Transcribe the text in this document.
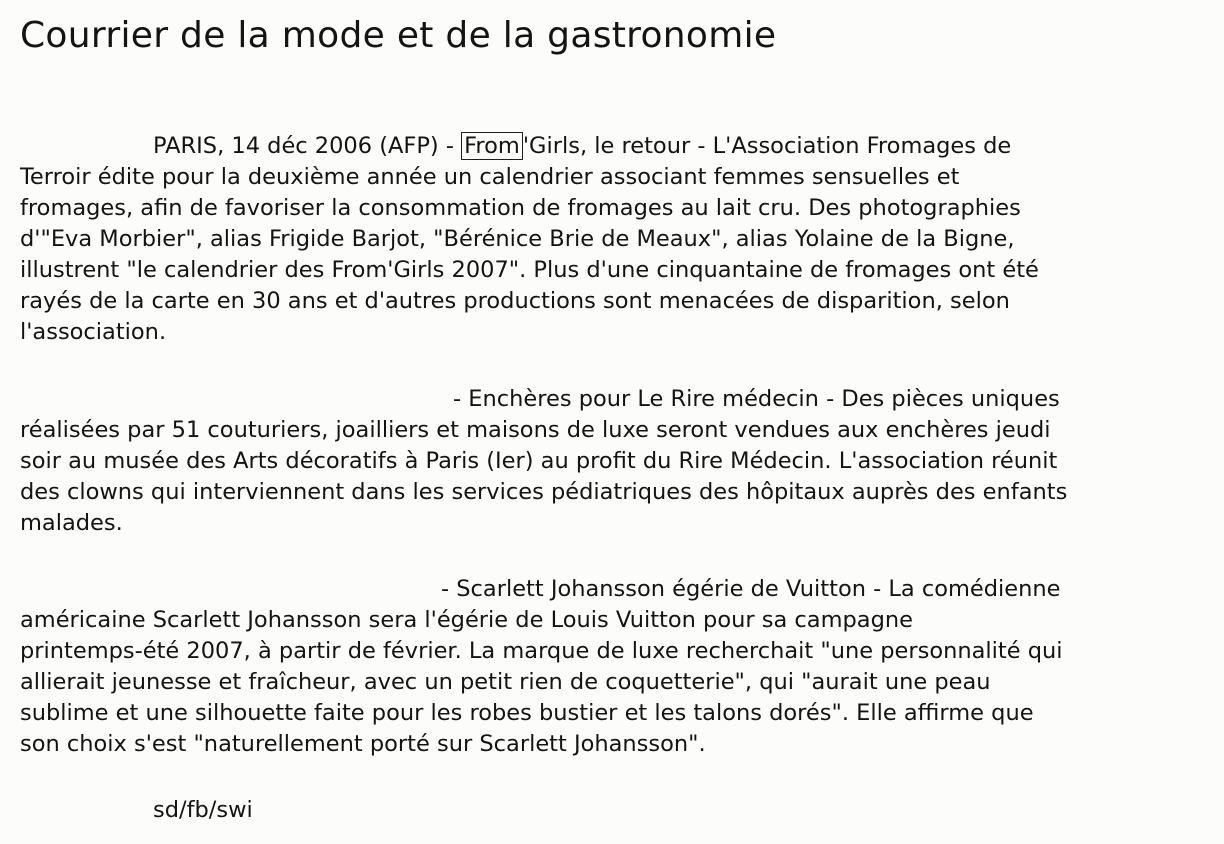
Courrier de la mode et de la gastronomie
PARIS, 14 déc 2006 (AFP) - From 'Girls, le retour - L'Association Fromages de
Terroir édite pour la deuxième année un calendrier associant femmes sensuelles et
fromages, afin de favoriser la consommation de fromages au lait cru. Des photographies
d'"Eva Morbier", alias Frigide Barjot, "Bérénice Brie de Meaux", alias Yolaine de la Bigne,
illustrent "le calendrier des From'Girls 2007". Plus d'une cinquantaine de fromages ont été
rayés de la carte en 30 ans et d'autres productions sont menacées de disparition, selon
l'association.
- Enchères pour Le Rire médecin - Des pièces uniques
réalisées par 51 couturiers, joailliers et maisons de luxe seront vendues aux enchères jeudi
soir au musée des Arts décoratifs à Paris (Ier) au profit du Rire Médecin. L'association réunit
des clowns qui interviennent dans les services pédiatriques des hôpitaux auprès des enfants
malades.
- Scarlett Johansson égérie de Vuitton - La comédienne
américaine Scarlett Johansson sera l'égérie de Louis Vuitton pour sa campagne
printemps-été 2007, à partir de février. La marque de luxe recherchait "une personnalité qui
allierait jeunesse et fraîcheur, avec un petit rien de coquetterie", qui "aurait une peau
sublime et une silhouette faite pour les robes bustier et les talons dorés". Elle affirme que
son choix s'est "naturellement porté sur Scarlett Johansson".
sd/fb/swi
